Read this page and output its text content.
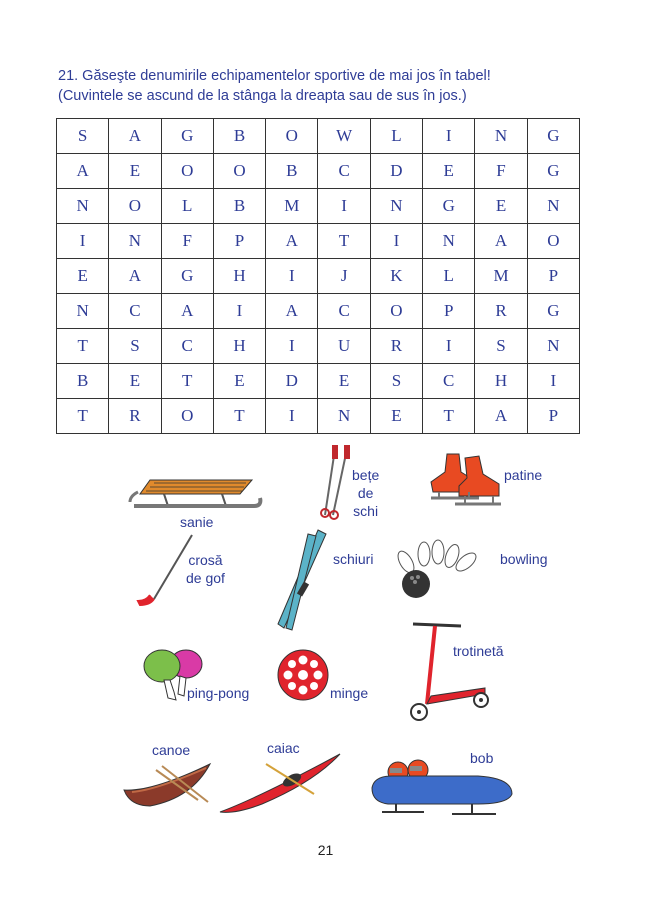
21. Găseşte denumirile echipamentelor sportive de mai jos în tabel!
(Cuvintele se ascund de la stânga la dreapta sau de sus în jos.)
S	A	G	B	O	W	L	I	N	G
A	E	O	O	B	C	D	E	F	G
N	O	L	B	M	I	N	G	E	N
I	N	F	P	A	T	I	N	A	O
E	A	G	H	I	J	K	L	M	P
N	C	A	I	A	C	O	P	R	G
T	S	C	H	I	U	R	I	S	N
B	E	T	E	D	E	S	C	H	I
T	R	O	T	I	N	E	T	A	P
sanie
bețe
de
schi
patine
crosă
de gof
schiuri	bowling
ping-pong	minge
trotinetă
canoe	caiac
bob
21
